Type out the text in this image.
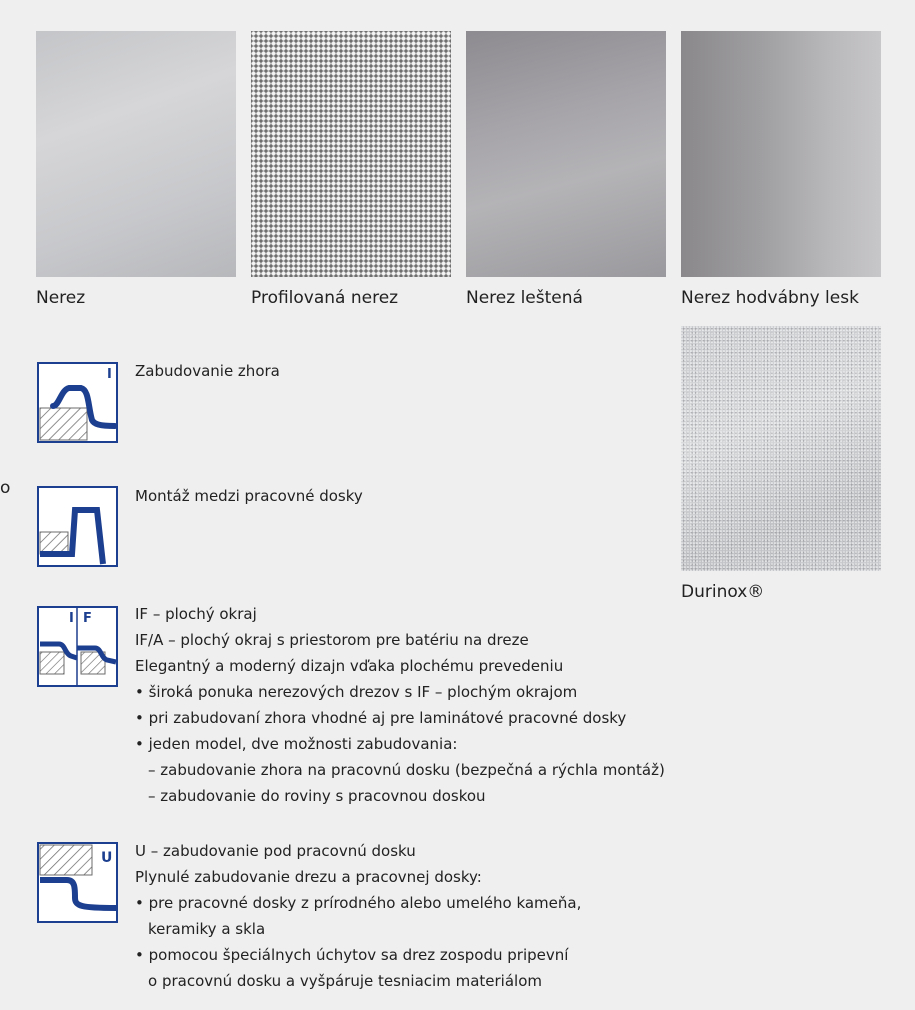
Nerez	Profilovaná nerez	Nerez leštená	Nerez hodvábny lesk
Durinox®
o
I Zabudovanie zhora
Montáž medzi pracovné dosky
I F	IF – plochý okraj
IF/A – plochý okraj s priestorom pre batériu na dreze
Elegantný a moderný dizajn vďaka plochému prevedeniu
• široká ponuka nerezových drezov s IF – plochým okrajom
• pri zabudovaní zhora vhodné aj pre laminátové pracovné dosky
• jeden model, dve možnosti zabudovania:
– zabudovanie zhora na pracovnú dosku (bezpečná a rýchla montáž)
– zabudovanie do roviny s pracovnou doskou
U U – zabudovanie pod pracovnú dosku
Plynulé zabudovanie drezu a pracovnej dosky:
• pre pracovné dosky z prírodného alebo umelého kameňa,
keramiky a skla
• pomocou špeciálnych úchytov sa drez zospodu pripevní
o pracovnú dosku a vyšpáruje tesniacim materiálom
